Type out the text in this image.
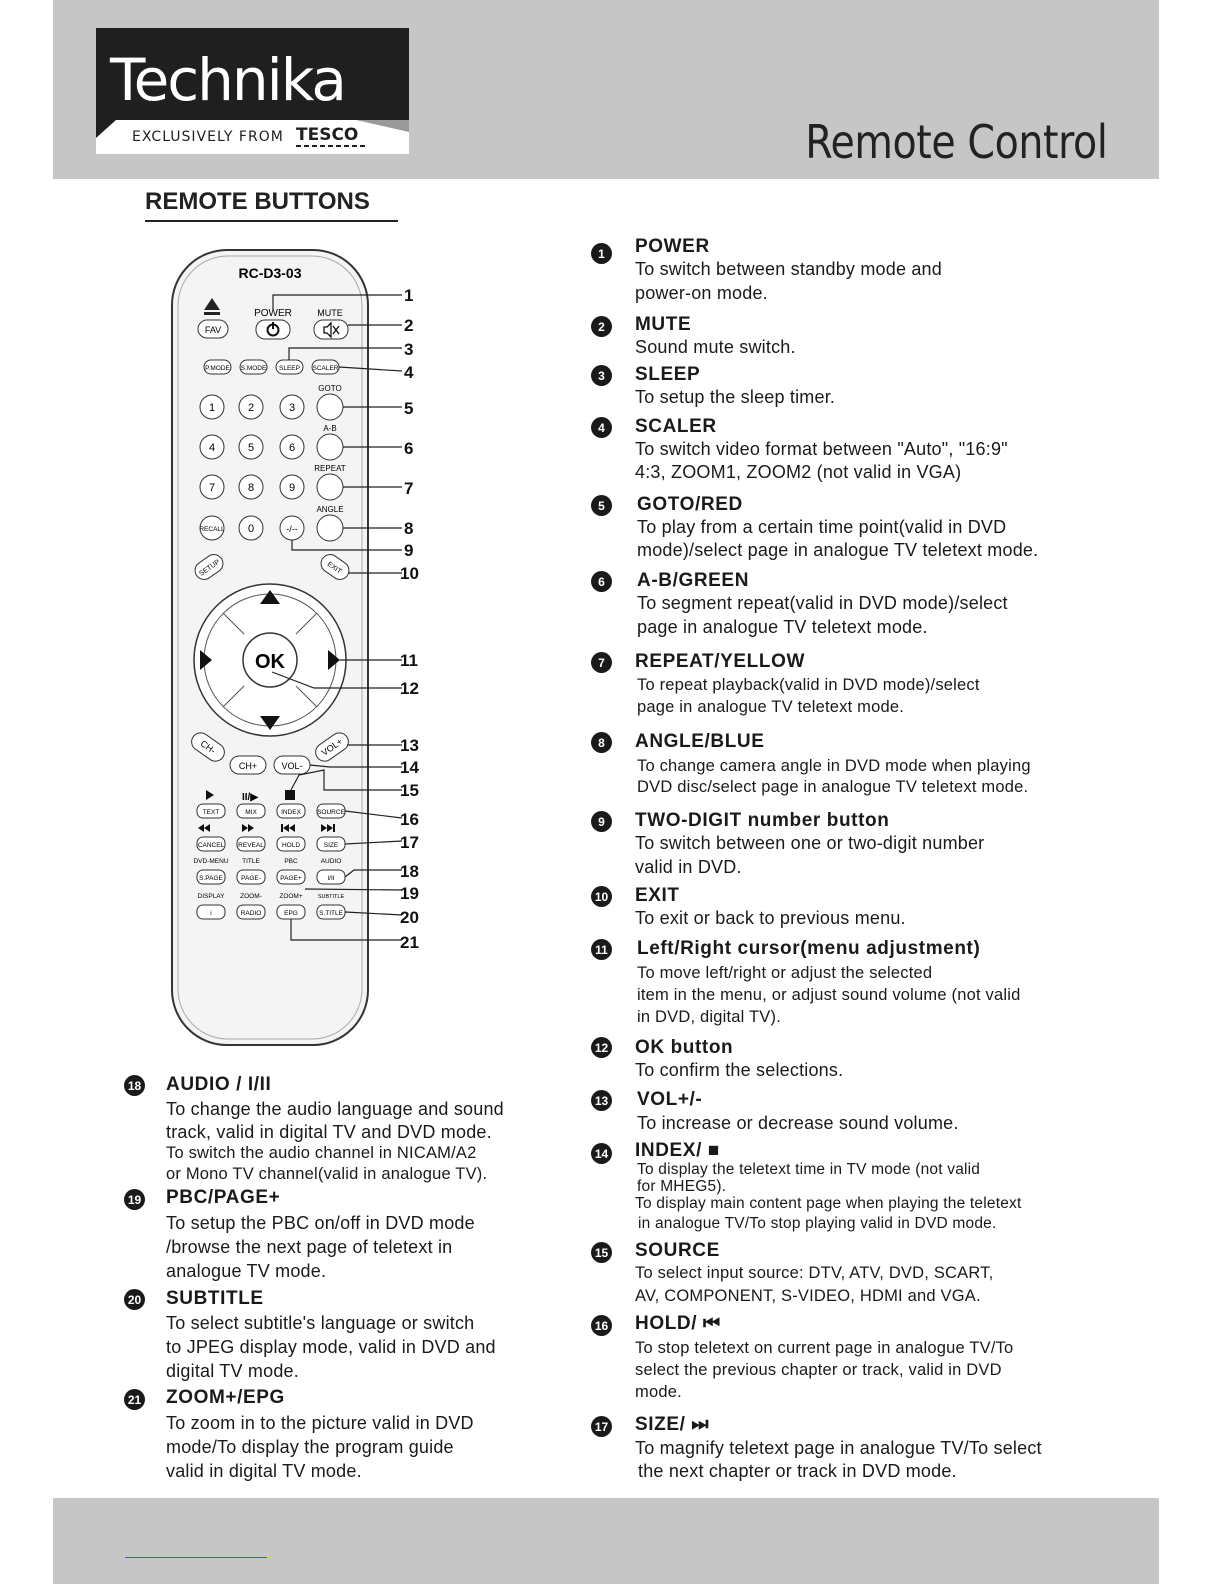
Technika
EXCLUSIVELY FROM TESCO	Remote Control
REMOTE BUTTONS
RC-D3-03
FAV
POWER	MUTE
P.MODE S.MODE SLEEP SCALER
GOTO
1	2	3
A-B
4	5	6
REPEAT
7	8	9
ANGLE
RECALL 0	-/--
SETUP	EXIT
OK
CH-
CH+	VOL-
VOL+
II/▶
TEXT	MIX	INDEX SOURCE
CANCEL REVEAL	HOLD	SIZE
DVD-MENU TITLE	PBC	AUDIO
S.PAGE	PAGE-	PAGE+	I/II
DISPLAY ZOOM-	ZOOM+	SUBTITLE
i	RADIO	EPG	S.TITLE
1
2
3
4
5
6
7
8
9
10
11
12
13
14
15
16
17
18
19
20
21
1	POWER
To switch between standby mode and
power-on mode.
2	MUTE
Sound mute switch.
3	SLEEP
To setup the sleep timer.
4	SCALER
To switch video format between "Auto", "16:9"
4:3, ZOOM1, ZOOM2 (not valid in VGA)
5	GOTO/RED
To play from a certain time point(valid in DVD
mode)/select page in analogue TV teletext mode.
6	A-B/GREEN
To segment repeat(valid in DVD mode)/select
page in analogue TV teletext mode.
7	REPEAT/YELLOW
To repeat playback(valid in DVD mode)/select
page in analogue TV teletext mode.
8	ANGLE/BLUE
To change camera angle in DVD mode when playing
DVD disc/select page in analogue TV teletext mode.
9	TWO-DIGIT number button
To switch between one or two-digit number
valid in DVD.
10 EXIT
To exit or back to previous menu.
11 Left/Right cursor(menu adjustment)
To move left/right or adjust the selected
item in the menu, or adjust sound volume (not valid
in DVD, digital TV).
12 OK button
To confirm the selections.
13 VOL+/-
To increase or decrease sound volume.
14 INDEX/ ■
To display the teletext time in TV mode (not valid
for MHEG5).
To display main content page when playing the teletext
in analogue TV/To stop playing valid in DVD mode.
15 SOURCE
To select input source: DTV, ATV, DVD, SCART,
AV, COMPONENT, S-VIDEO, HDMI and VGA.
16 HOLD/ ⏮
To stop teletext on current page in analogue TV/To
select the previous chapter or track, valid in DVD
mode.
17 SIZE/ ⏭
To magnify teletext page in analogue TV/To select
the next chapter or track in DVD mode.
18 AUDIO / I/II
To change the audio language and sound
track, valid in digital TV and DVD mode.
To switch the audio channel in NICAM/A2
or Mono TV channel(valid in analogue TV).
19 PBC/PAGE+
To setup the PBC on/off in DVD mode
/browse the next page of teletext in
analogue TV mode.
20 SUBTITLE
To select subtitle's language or switch
to JPEG display mode, valid in DVD and
digital TV mode.
21 ZOOM+/EPG
To zoom in to the picture valid in DVD
mode/To display the program guide
valid in digital TV mode.
